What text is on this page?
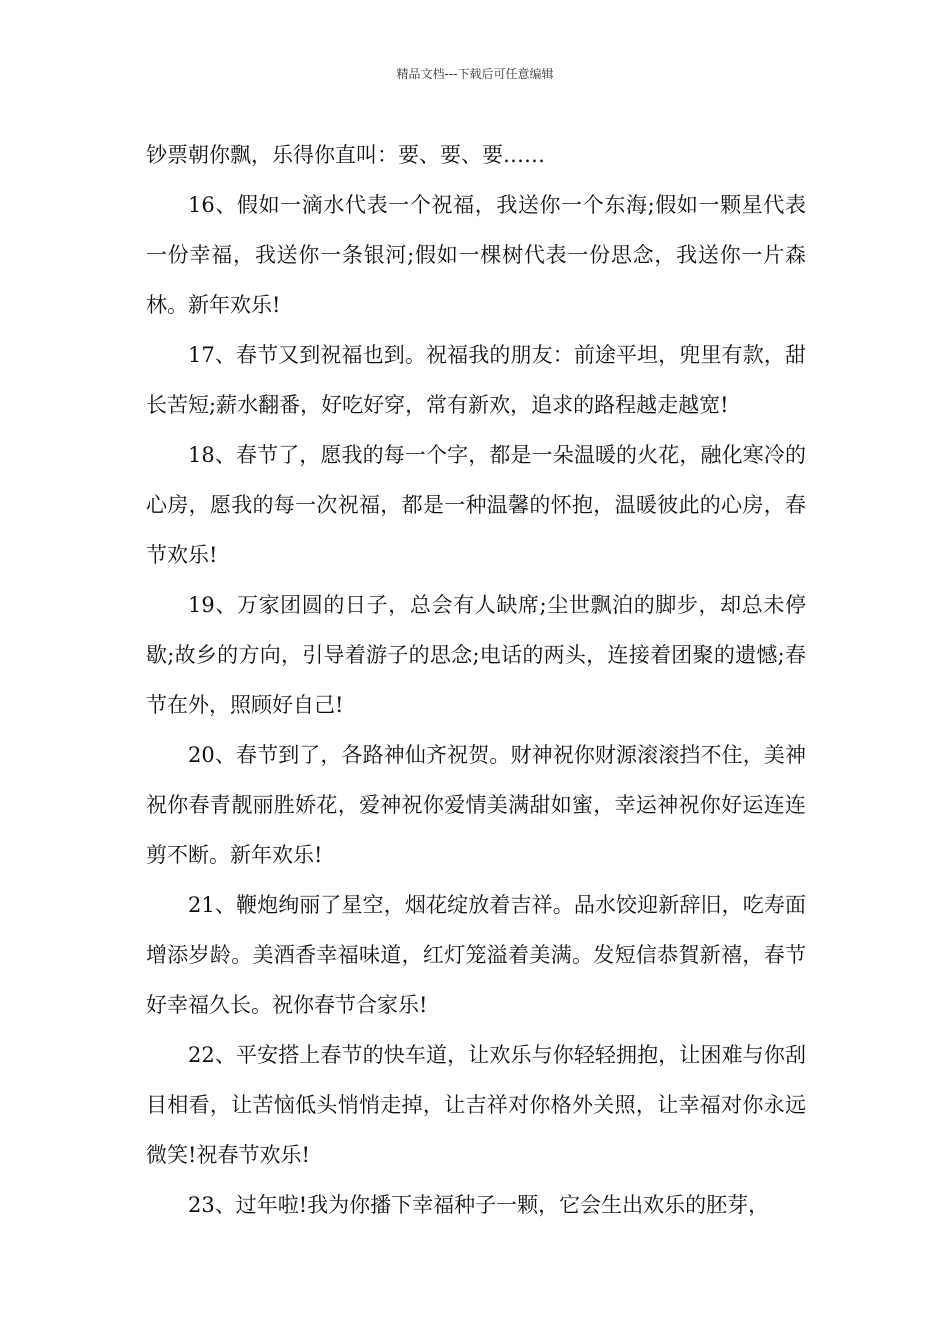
精品文档---下载后可任意编辑

钞票朝你飘，乐得你直叫：要、要、要……

16、假如一滴水代表一个祝福，我送你一个东海;假如一颗星代表一份幸福，我送你一条银河;假如一棵树代表一份思念，我送你一片森林。新年欢乐!

17、春节又到祝福也到。祝福我的朋友：前途平坦，兜里有款，甜长苦短;薪水翻番，好吃好穿，常有新欢，追求的路程越走越宽!

18、春节了，愿我的每一个字，都是一朵温暖的火花，融化寒冷的心房，愿我的每一次祝福，都是一种温馨的怀抱，温暖彼此的心房，春节欢乐!

19、万家团圆的日子，总会有人缺席;尘世飘泊的脚步，却总未停歇;故乡的方向，引导着游子的思念;电话的两头，连接着团聚的遗憾;春节在外，照顾好自己!

20、春节到了，各路神仙齐祝贺。财神祝你财源滚滚挡不住，美神祝你春青靓丽胜娇花，爱神祝你爱情美满甜如蜜，幸运神祝你好运连连剪不断。新年欢乐!

21、鞭炮绚丽了星空，烟花绽放着吉祥。品水饺迎新辞旧，吃寿面增添岁龄。美酒香幸福味道，红灯笼溢着美满。发短信恭賀新禧，春节好幸福久长。祝你春节合家乐!

22、平安搭上春节的快车道，让欢乐与你轻轻拥抱，让困难与你刮目相看，让苦恼低头悄悄走掉，让吉祥对你格外关照，让幸福对你永远微笑!祝春节欢乐!

23、过年啦!我为你播下幸福种子一颗，它会生出欢乐的胚芽，
